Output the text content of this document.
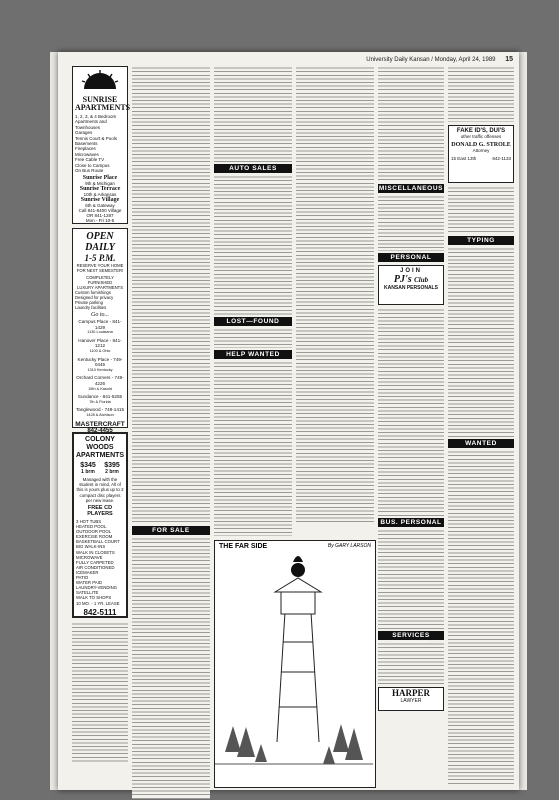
University Daily Kansan / Monday, April 24, 1989 15
SUNRISE APARTMENTS
1, 2, 3, & 4 Bedroom
Apartments and Townhouses
Garages
Tennis Court & Pools
Basements
Fireplaces
Microwaves
Free Cable TV
Close to Campus
On Bus Route
Sunrise Place
9th & Michigan
Sunrise Terrace
10th & Arkansas
Sunrise Village
6th & Gateway
Call 841-8400 Village
OR 841-1287
Mon - Fri 10-5
OPEN DAILY
1-5 P.M.
RESERVE YOUR HOME FOR NEXT SEMESTER!
COMPLETELY FURNISHED
LUXURY APARTMENTS
Custom furnishings
Designed for privacy
Private parking
Laundry facilities
Go to...
Campus Place - 841-1429
1130 Louisiana
Hanover Place - 841-1212
1100 & Ohio
Kentucky Place - 749-0445
1310 Kentucky
Orchard Corners - 749-4226
15th & Kasold
Sundance - 841-5255
7th & Florida
Tanglewood - 749-1415
1428 & Atchison
MASTERCRAFT
842-4455
COLONY WOODS APARTMENTS
$345
1 brm
$395
2 brm
Managed with the student in mind. All of this is yours plus up to 2 compact disc players per new lease.
FREE CD PLAYERS
3 HOT TUBS
HEATED POOL
OUTDOOR POOL
EXERCISE ROOM
BASKETBALL COURT
BIG WALK-INS
WALK IN CLOSETS
MICROWAVE
FULLY CARPETED
AIR CONDITIONED
ICEMAKER
PATIO
WATER PAID
LAUNDRY-VENDING
SATELLITE
WALK TO SHOPS
10 MO. - 1 YR. LEASE
842-5111
FOR SALE
AUTO SALES
LOST—FOUND
HELP WANTED
THE FAR SIDE	By GARY LARSON
MISCELLANEOUS
PERSONAL
JOIN
PJ's Club
KANSAN PERSONALS
BUS. PERSONAL
SERVICES
HARPER
LAWYER
FAKE ID'S, DUI'S
other traffic offenses
DONALD G. STROLE
Attorney
15 East 13th	842-1133
TYPING
WANTED
